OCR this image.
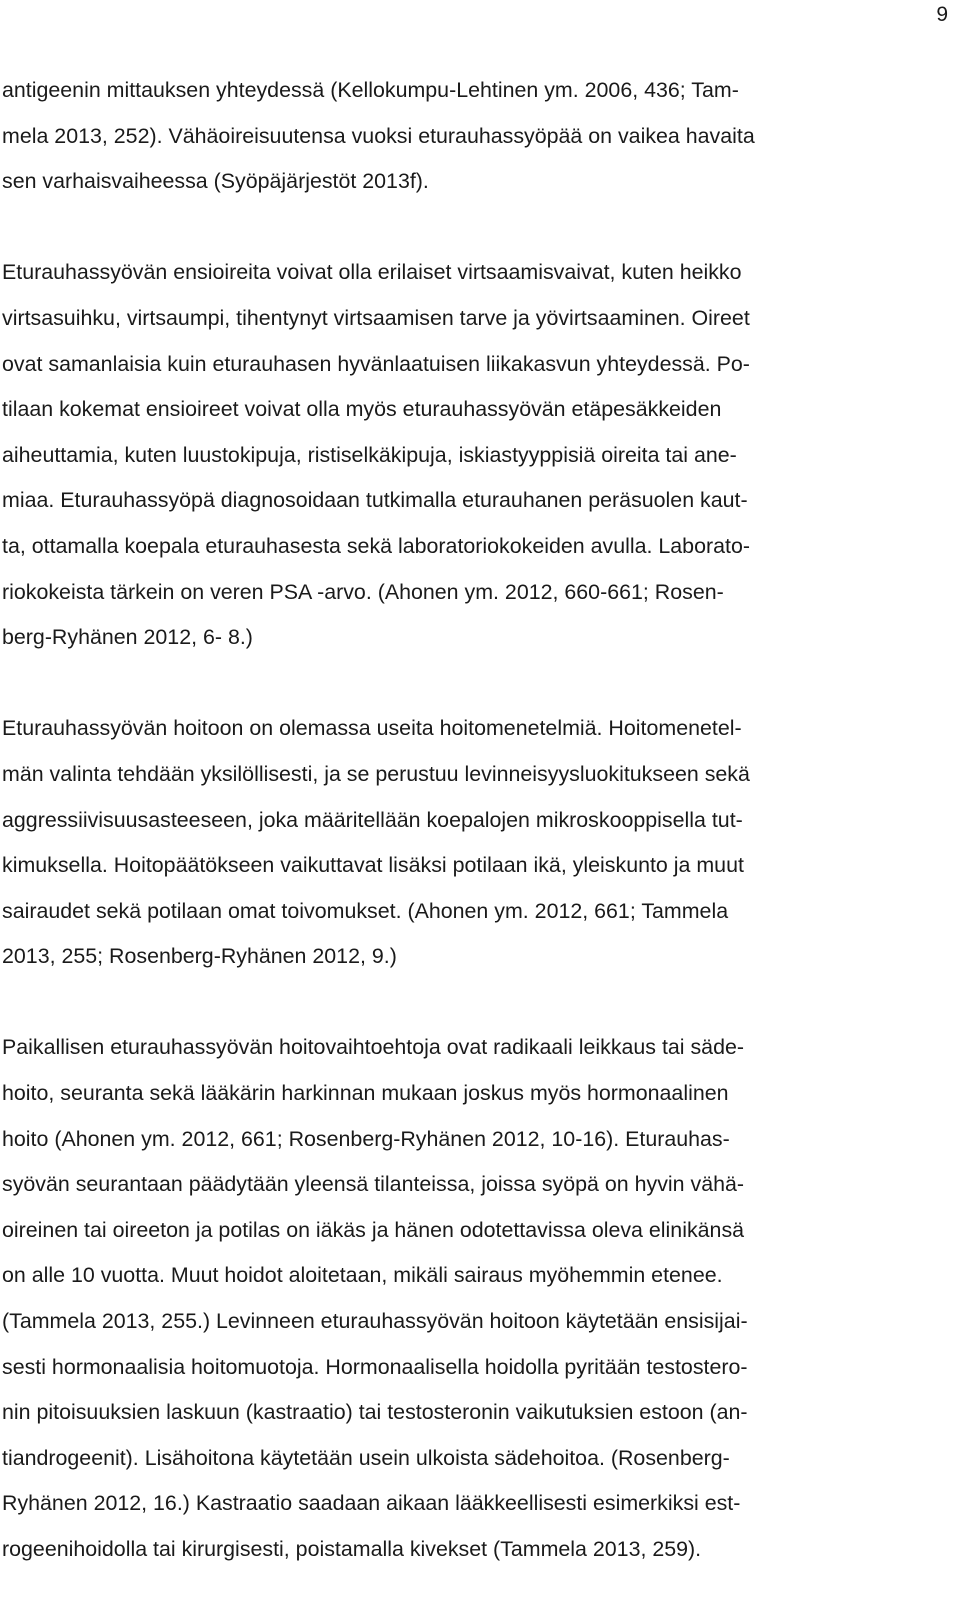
9

antigeenin mittauksen yhteydessä (Kellokumpu-Lehtinen ym. 2006, 436; Tam-
mela 2013, 252). Vähäoireisuutensa vuoksi eturauhassyöpää on vaikea havaita
sen varhaisvaiheessa (Syöpäjärjestöt 2013f).

Eturauhassyövän ensioireita voivat olla erilaiset virtsaamisvaivat, kuten heikko
virtsasuihku, virtsaumpi, tihentynyt virtsaamisen tarve ja yövirtsaaminen. Oireet
ovat samanlaisia kuin eturauhasen hyvänlaatuisen liikakasvun yhteydessä. Po-
tilaan kokemat ensioireet voivat olla myös eturauhassyövän etäpesäkkeiden
aiheuttamia, kuten luustokipuja, ristiselkäkipuja, iskiastyyppisiä oireita tai ane-
miaa. Eturauhassyöpä diagnosoidaan tutkimalla eturauhanen peräsuolen kaut-
ta, ottamalla koepala eturauhasesta sekä laboratoriokokeiden avulla. Laborato-
riokokeista tärkein on veren PSA -arvo. (Ahonen ym. 2012, 660-661; Rosen-
berg-Ryhänen 2012, 6- 8.)

Eturauhassyövän hoitoon on olemassa useita hoitomenetelmiä. Hoitomenetel-
män valinta tehdään yksilöllisesti, ja se perustuu levinneisyysluokitukseen sekä
aggressiivisuusasteeseen, joka määritellään koepalojen mikroskooppisella tut-
kimuksella. Hoitopäätökseen vaikuttavat lisäksi potilaan ikä, yleiskunto ja muut
sairaudet sekä potilaan omat toivomukset. (Ahonen ym. 2012, 661; Tammela
2013, 255; Rosenberg-Ryhänen 2012, 9.)

Paikallisen eturauhassyövän hoitovaihtoehtoja ovat radikaali leikkaus tai säde-
hoito, seuranta sekä lääkärin harkinnan mukaan joskus myös hormonaalinen
hoito (Ahonen ym. 2012, 661; Rosenberg-Ryhänen 2012, 10-16). Eturauhas-
syövän seurantaan päädytään yleensä tilanteissa, joissa syöpä on hyvin vähä-
oireinen tai oireeton ja potilas on iäkäs ja hänen odotettavissa oleva elinikänsä
on alle 10 vuotta. Muut hoidot aloitetaan, mikäli sairaus myöhemmin etenee.
(Tammela 2013, 255.) Levinneen eturauhassyövän hoitoon käytetään ensisijai-
sesti hormonaalisia hoitomuotoja. Hormonaalisella hoidolla pyritään testostero-
nin pitoisuuksien laskuun (kastraatio) tai testosteronin vaikutuksien estoon (an-
tiandrogeenit). Lisähoitona käytetään usein ulkoista sädehoitoa. (Rosenberg-
Ryhänen 2012, 16.) Kastraatio saadaan aikaan lääkkeellisesti esimerkiksi est-
rogeenihoidolla tai kirurgisesti, poistamalla kivekset (Tammela 2013, 259).
